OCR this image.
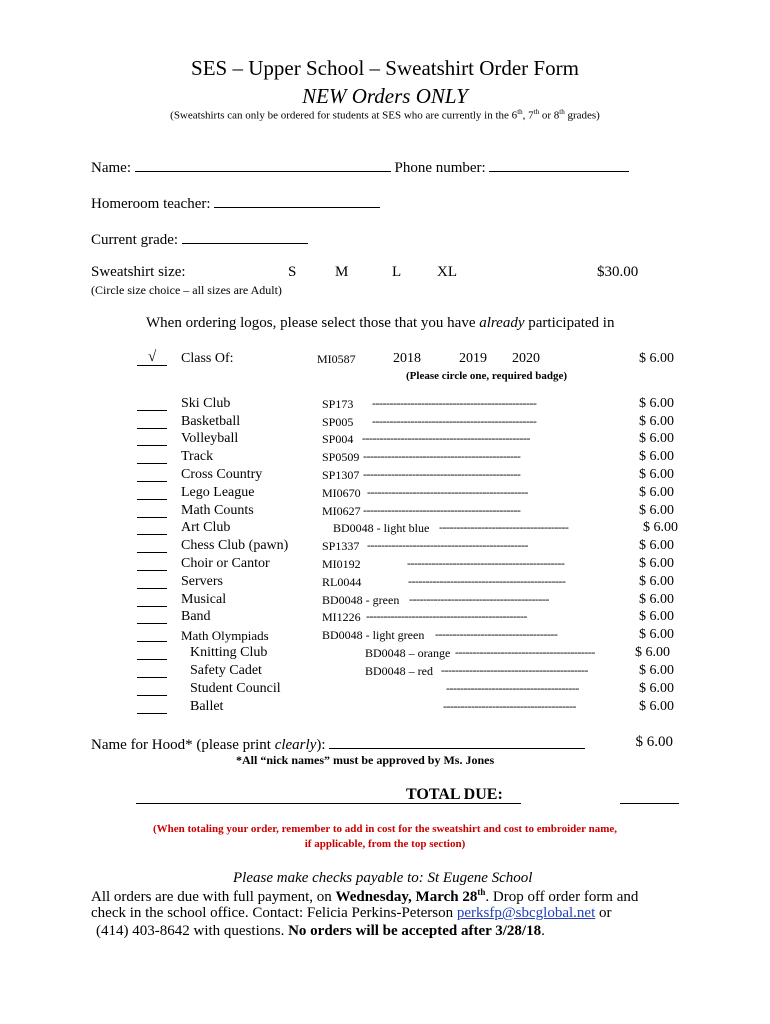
SES – Upper School – Sweatshirt Order Form
NEW Orders ONLY
(Sweatshirts can only be ordered for students at SES who are currently in the 6th, 7th or 8th grades)
Name:	Phone number:
Homeroom teacher:
Current grade:
Sweatshirt size:	S	M	L XL	$30.00
(Circle size choice – all sizes are Adult)
When ordering logos, please select those that you have already participated in
√ Class Of:	MI0587	2018	2019 2020	$ 6.00
(Please circle one, required badge)
Ski Club	SP173 -----------------------------------------------	$ 6.00
Basketball	SP005 -----------------------------------------------	$ 6.00
Volleyball	SP004 ------------------------------------------------	$ 6.00
Track	SP0509 ---------------------------------------------	$ 6.00
Cross Country	SP1307 ---------------------------------------------	$ 6.00
Lego League	MI0670 ----------------------------------------------	$ 6.00
Math Counts	MI0627 ---------------------------------------------	$ 6.00
Art Club	BD0048 - light blue -------------------------------------	$ 6.00
Chess Club (pawn)	SP1337 ----------------------------------------------	$ 6.00
Choir or Cantor	MI0192	---------------------------------------------	$ 6.00
Servers	RL0044	---------------------------------------------	$ 6.00
Musical	BD0048 - green ----------------------------------------	$ 6.00
Band	MI1226 ----------------------------------------------	$ 6.00
Math Olympiads	BD0048 - light green -----------------------------------	$ 6.00
Knitting Club	BD0048 – orange ----------------------------------------	$ 6.00
Safety Cadet	BD0048 – red ------------------------------------------	$ 6.00
Student Council	--------------------------------------	$ 6.00
Ballet	--------------------------------------	$ 6.00
Name for Hood* (please print clearly):	$ 6.00
*All “nick names” must be approved by Ms. Jones
TOTAL DUE:
(When totaling your order, remember to add in cost for the sweatshirt and cost to embroider name,
if applicable, from the top section)
Please make checks payable to: St Eugene School
All orders are due with full payment, on Wednesday, March 28th. Drop off order form and
check in the school office. Contact: Felicia Perkins-Peterson perksfp@sbcglobal.net or
(414) 403-8642 with questions. No orders will be accepted after 3/28/18.
